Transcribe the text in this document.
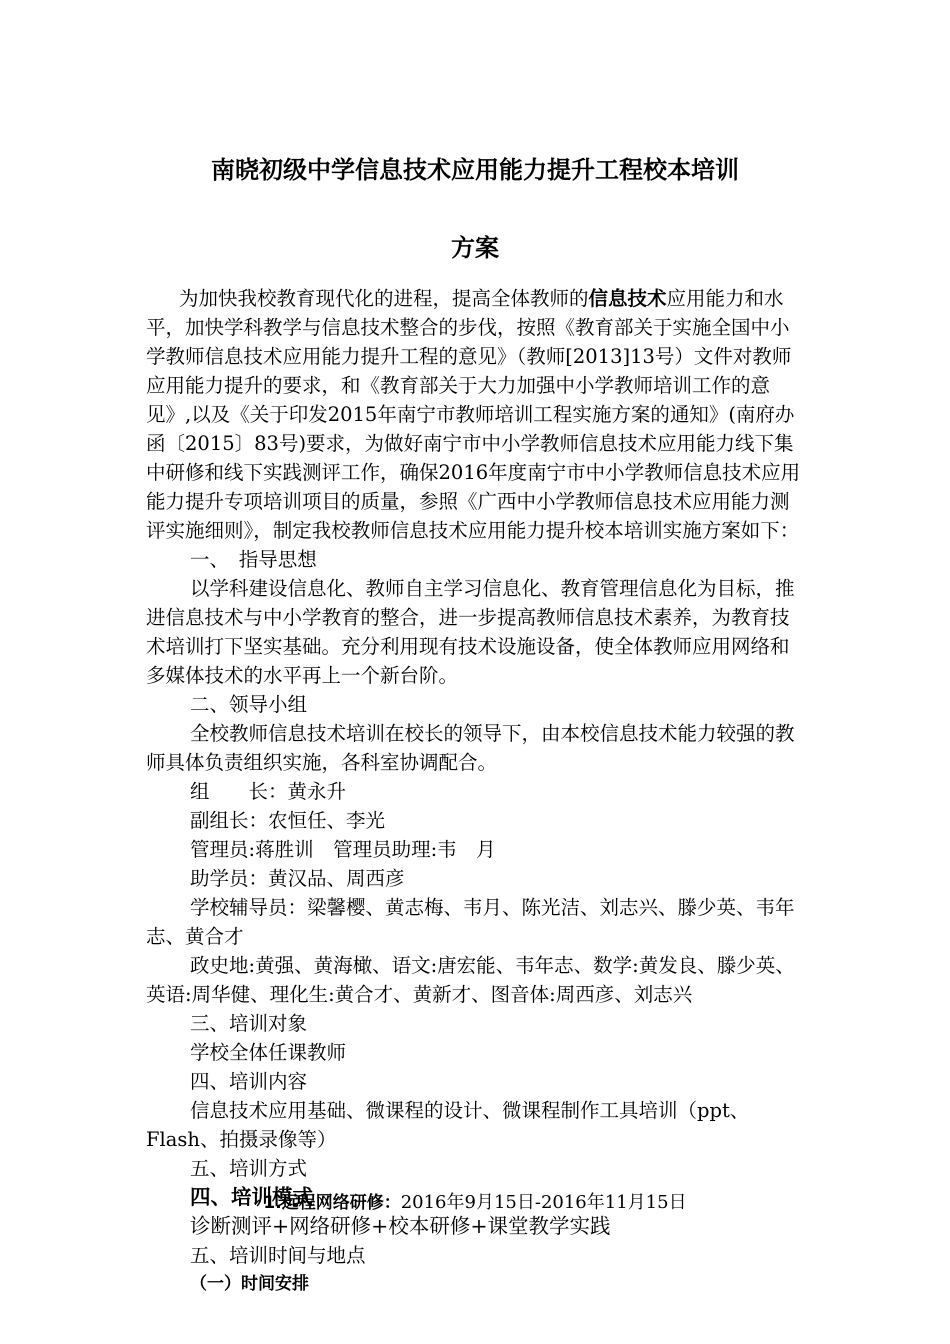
南晓初级中学信息技术应用能力提升工程校本培训
方案

为加快我校教育现代化的进程，提高全体教师的信息技术应用能力和水平，加快学科教学与信息技术整合的步伐，按照《教育部关于实施全国中小学教师信息技术应用能力提升工程的意见》（教师[2013]13号）文件对教师应用能力提升的要求，和《教育部关于大力加强中小学教师培训工作的意见》,以及《关于印发2015年南宁市教师培训工程实施方案的通知》(南府办函〔2015〕83号)要求，为做好南宁市中小学教师信息技术应用能力线下集中研修和线下实践测评工作，确保2016年度南宁市中小学教师信息技术应用能力提升专项培训项目的质量，参照《广西中小学教师信息技术应用能力测评实施细则》，制定我校教师信息技术应用能力提升校本培训实施方案如下：

一、　指导思想

以学科建设信息化、教师自主学习信息化、教育管理信息化为目标，推进信息技术与中小学教育的整合，进一步提高教师信息技术素养，为教育技术培训打下坚实基础。充分利用现有技术设施设备，使全体教师应用网络和多媒体技术的水平再上一个新台阶。

二、领导小组

全校教师信息技术培训在校长的领导下，由本校信息技术能力较强的教师具体负责组织实施，各科室协调配合。

组　　长：黄永升

副组长：农恒任、李光

管理员:蒋胜训　管理员助理:韦　月

助学员：黄汉品、周西彦

学校辅导员：梁馨樱、黄志梅、韦月、陈光洁、刘志兴、滕少英、韦年志、黄合才

政史地:黄强、黄海橄、语文:唐宏能、韦年志、数学:黄发良、滕少英、英语:周华健、理化生:黄合才、黄新才、图音体:周西彦、刘志兴

三、培训对象

学校全体任课教师

四、培训内容

信息技术应用基础、微课程的设计、微课程制作工具培训（ppt、Flash、拍摄录像等）

五、培训方式

四、培训模式

诊断测评+网络研修+校本研修+课堂教学实践

五、培训时间与地点

（一）时间安排

1.远程网络研修：2016年9月15日-2016年11月15日
